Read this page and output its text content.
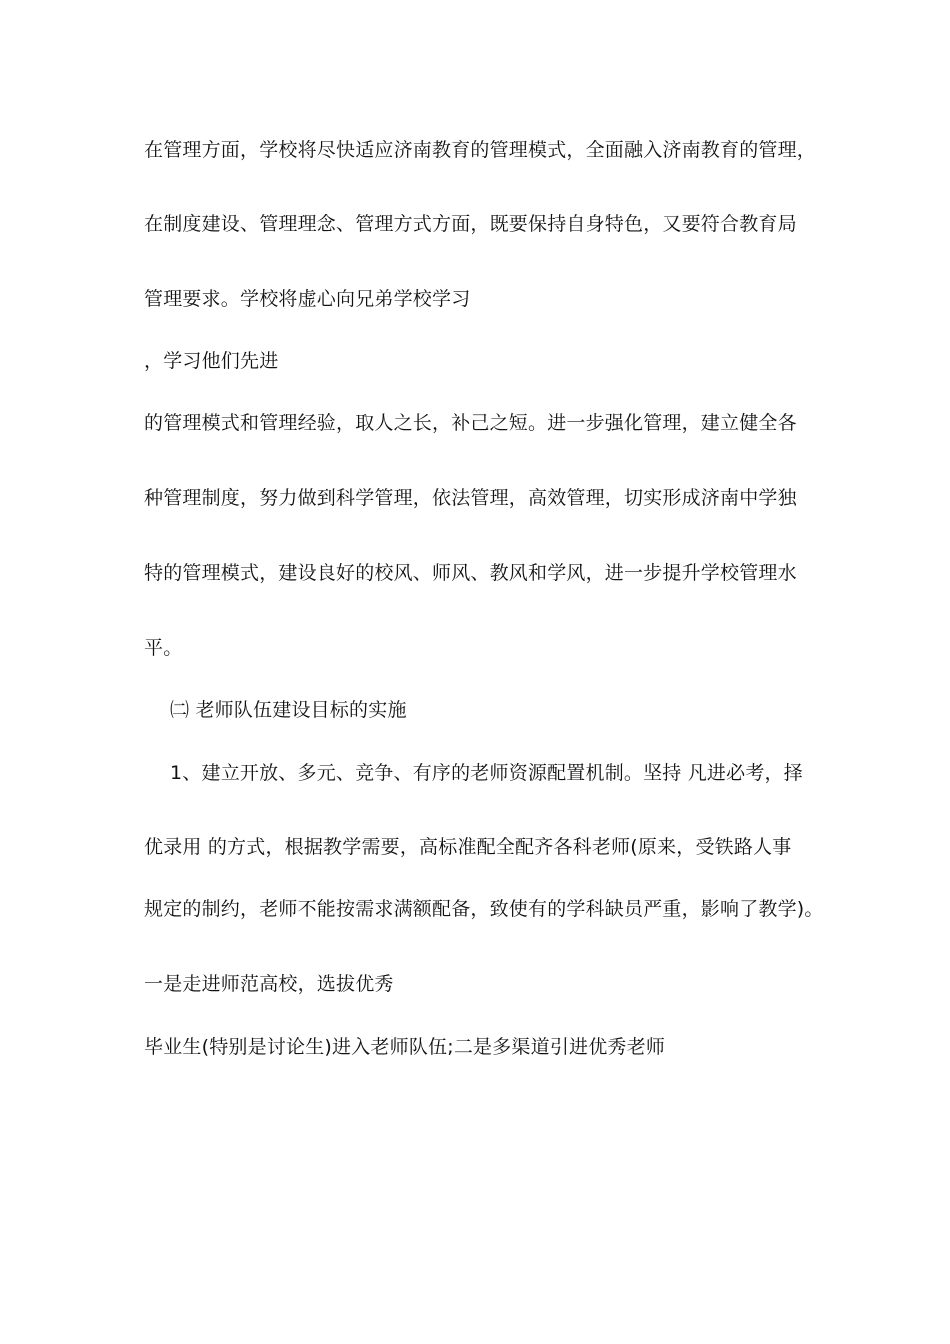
在管理方面，学校将尽快适应济南教育的管理模式，全面融入济南教育的管理，
在制度建设、管理理念、管理方式方面，既要保持自身特色，又要符合教育局
管理要求。学校将虚心向兄弟学校学习
，学习他们先进
的管理模式和管理经验，取人之长，补己之短。进一步强化管理，建立健全各
种管理制度，努力做到科学管理，依法管理，高效管理，切实形成济南中学独
特的管理模式，建设良好的校风、师风、教风和学风，进一步提升学校管理水
平。
㈡ 老师队伍建设目标的实施
1、建立开放、多元、竞争、有序的老师资源配置机制。坚持 凡进必考，择
优录用 的方式，根据教学需要，高标准配全配齐各科老师(原来，受铁路人事
规定的制约，老师不能按需求满额配备，致使有的学科缺员严重，影响了教学)。
一是走进师范高校，选拔优秀
毕业生(特别是讨论生)进入老师队伍;二是多渠道引进优秀老师
